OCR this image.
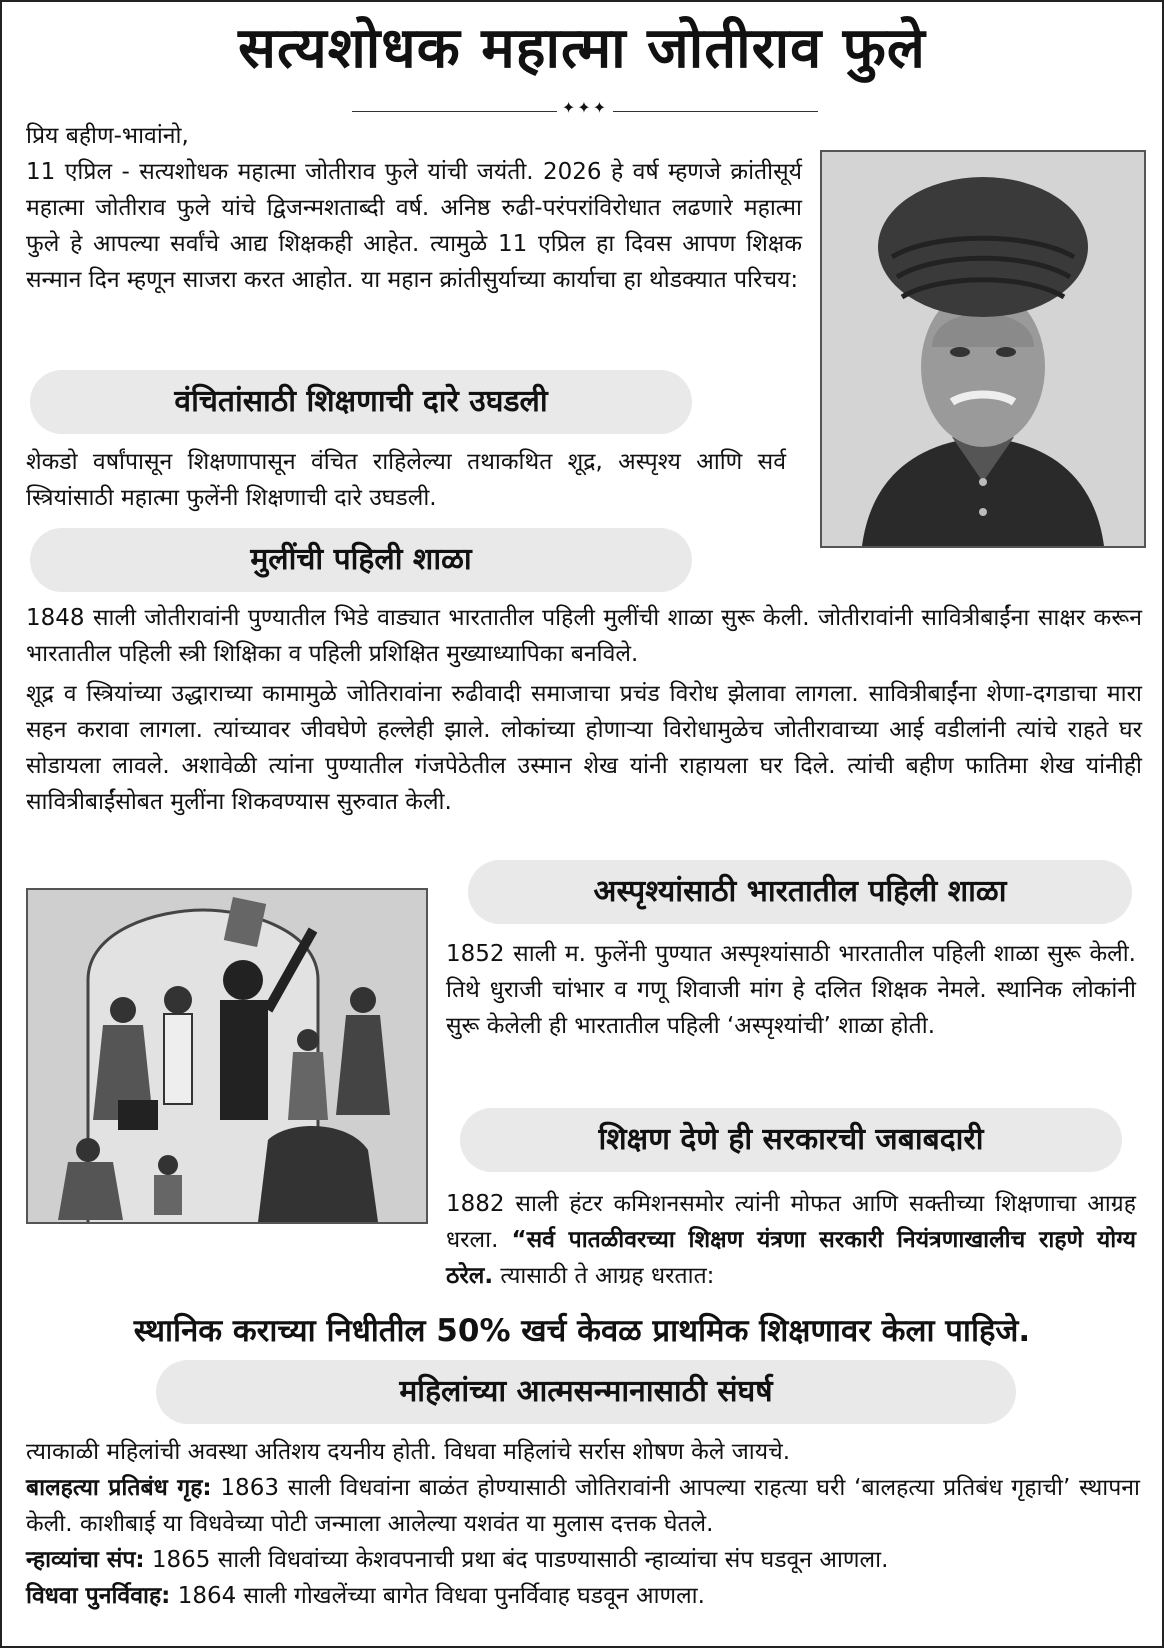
सत्यशोधक महात्मा जोतीराव फुले
✦✦✦
प्रिय बहीण-भावांनो,
11 एप्रिल - सत्यशोधक महात्मा जोतीराव फुले यांची जयंती. 2026 हे वर्ष म्हणजे क्रांतीसूर्य महात्मा जोतीराव फुले यांचे द्विजन्मशताब्दी वर्ष. अनिष्ठ रुढी-परंपरांविरोधात लढणारे महात्मा फुले हे आपल्या सर्वांचे आद्य शिक्षकही आहेत. त्यामुळे 11 एप्रिल हा दिवस आपण शिक्षक सन्मान दिन म्हणून साजरा करत आहोत. या महान क्रांतीसुर्याच्या कार्याचा हा थोडक्यात परिचय:
वंचितांसाठी शिक्षणाची दारे उघडली
शेकडो वर्षांपासून शिक्षणापासून वंचित राहिलेल्या तथाकथित शूद्र, अस्पृश्य आणि सर्व स्त्रियांसाठी महात्मा फुलेंनी शिक्षणाची दारे उघडली.
मुलींची पहिली शाळा

1848 साली जोतीरावांनी पुण्यातील भिडे वाड्यात भारतातील पहिली मुलींची शाळा सुरू केली. जोतीरावांनी सावित्रीबाईंना साक्षर करून भारतातील पहिली स्त्री शिक्षिका व पहिली प्रशिक्षित मुख्याध्यापिका बनविले.

शूद्र व स्त्रियांच्या उद्धाराच्या कामामुळे जोतिरावांना रुढीवादी समाजाचा प्रचंड विरोध झेलावा लागला. सावित्रीबाईंना शेणा-दगडाचा मारा सहन करावा लागला. त्यांच्यावर जीवघेणे हल्लेही झाले. लोकांच्या होणाऱ्या विरोधामुळेच जोतीरावाच्या आई वडीलांनी त्यांचे राहते घर सोडायला लावले. अशावेळी त्यांना पुण्यातील गंजपेठेतील उस्मान शेख यांनी राहायला घर दिले. त्यांची बहीण फातिमा शेख यांनीही सावित्रीबाईंसोबत मुलींना शिकवण्यास सुरुवात केली.

अस्पृश्यांसाठी भारतातील पहिली शाळा
1852 साली म. फुलेंनी पुण्यात अस्पृश्यांसाठी भारतातील पहिली शाळा सुरू केली. तिथे धुराजी चांभार व गणू शिवाजी मांग हे दलित शिक्षक नेमले. स्थानिक लोकांनी सुरू केलेली ही भारतातील पहिली ‘अस्पृश्यांची’ शाळा होती.
शिक्षण देणे ही सरकारची जबाबदारी
1882 साली हंटर कमिशनसमोर त्यांनी मोफत आणि सक्तीच्या शिक्षणाचा आग्रह धरला. “सर्व पातळीवरच्या शिक्षण यंत्रणा सरकारी नियंत्रणाखालीच राहणे योग्य ठरेल. त्यासाठी ते आग्रह धरतात:
स्थानिक कराच्या निधीतील 50% खर्च केवळ प्राथमिक शिक्षणावर केला पाहिजे.
महिलांच्या आत्मसन्मानासाठी संघर्ष
त्याकाळी महिलांची अवस्था अतिशय दयनीय होती. विधवा महिलांचे सर्रास शोषण केले जायचे.
बालहत्या प्रतिबंध गृह: 1863 साली विधवांना बाळंत होण्यासाठी जोतिरावांनी आपल्या राहत्या घरी ‘बालहत्या प्रतिबंध गृहाची’ स्थापना केली. काशीबाई या विधवेच्या पोटी जन्माला आलेल्या यशवंत या मुलास दत्तक घेतले.
न्हाव्यांचा संप: 1865 साली विधवांच्या केशवपनाची प्रथा बंद पाडण्यासाठी न्हाव्यांचा संप घडवून आणला.
विधवा पुनर्विवाह: 1864 साली गोखलेंच्या बागेत विधवा पुनर्विवाह घडवून आणला.
